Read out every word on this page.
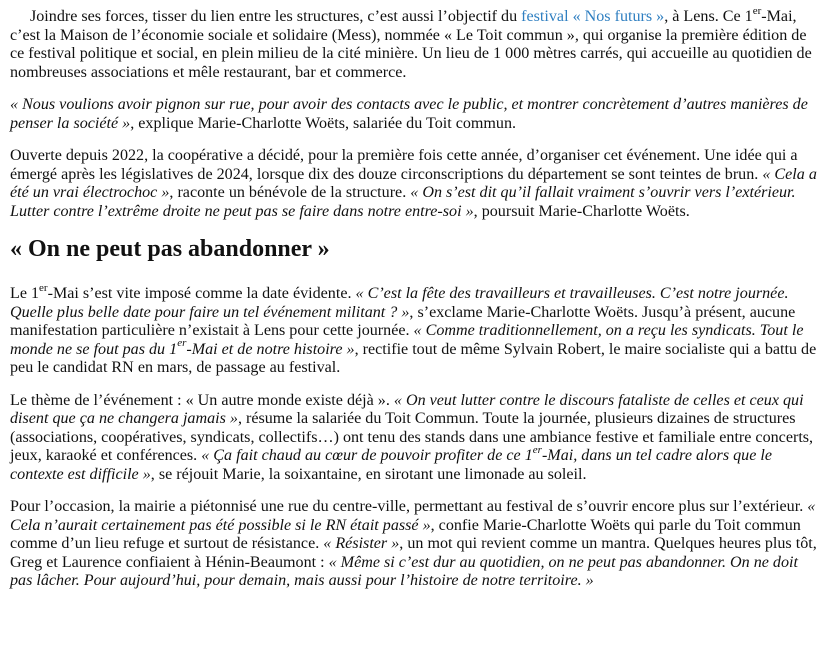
Joindre ses forces, tisser du lien entre les structures, c’est aussi l’objectif du festival « Nos futurs », à Lens. Ce 1er-Mai, c’est la Maison de l’économie sociale et solidaire (Mess), nommée « Le Toit commun », qui organise la première édition de ce festival politique et social, en plein milieu de la cité minière. Un lieu de 1 000 mètres carrés, qui accueille au quotidien de nombreuses associations et mêle restaurant, bar et commerce.

« Nous voulions avoir pignon sur rue, pour avoir des contacts avec le public, et montrer concrètement d’autres manières de penser la société », explique Marie-Charlotte Woëts, salariée du Toit commun.

Ouverte depuis 2022, la coopérative a décidé, pour la première fois cette année, d’organiser cet événement. Une idée qui a émergé après les législatives de 2024, lorsque dix des douze circonscriptions du département se sont teintes de brun. « Cela a été un vrai électrochoc », raconte un bénévole de la structure. « On s’est dit qu’il fallait vraiment s’ouvrir vers l’extérieur. Lutter contre l’extrême droite ne peut pas se faire dans notre entre-soi », poursuit Marie-Charlotte Woëts.

« On ne peut pas abandonner »

Le 1er-Mai s’est vite imposé comme la date évidente. « C’est la fête des travailleurs et travailleuses. C’est notre journée. Quelle plus belle date pour faire un tel événement militant ? », s’exclame Marie-Charlotte Woëts. Jusqu’à présent, aucune manifestation particulière n’existait à Lens pour cette journée. « Comme traditionnellement, on a reçu les syndicats. Tout le monde ne se fout pas du 1er-Mai et de notre histoire », rectifie tout de même Sylvain Robert, le maire socialiste qui a battu de peu le candidat RN en mars, de passage au festival.

Le thème de l’événement : « Un autre monde existe déjà ». « On veut lutter contre le discours fataliste de celles et ceux qui disent que ça ne changera jamais », résume la salariée du Toit Commun. Toute la journée, plusieurs dizaines de structures (associations, coopératives, syndicats, collectifs…) ont tenu des stands dans une ambiance festive et familiale entre concerts, jeux, karaoké et conférences. « Ça fait chaud au cœur de pouvoir profiter de ce 1er-Mai, dans un tel cadre alors que le contexte est difficile », se réjouit Marie, la soixantaine, en sirotant une limonade au soleil.

Pour l’occasion, la mairie a piétonnisé une rue du centre-ville, permettant au festival de s’ouvrir encore plus sur l’extérieur. « Cela n’aurait certainement pas été possible si le RN était passé », confie Marie-Charlotte Woëts qui parle du Toit commun comme d’un lieu refuge et surtout de résistance. « Résister », un mot qui revient comme un mantra. Quelques heures plus tôt, Greg et Laurence confiaient à Hénin-Beaumont : « Même si c’est dur au quotidien, on ne peut pas abandonner. On ne doit pas lâcher. Pour aujourd’hui, pour demain, mais aussi pour l’histoire de notre territoire. »
